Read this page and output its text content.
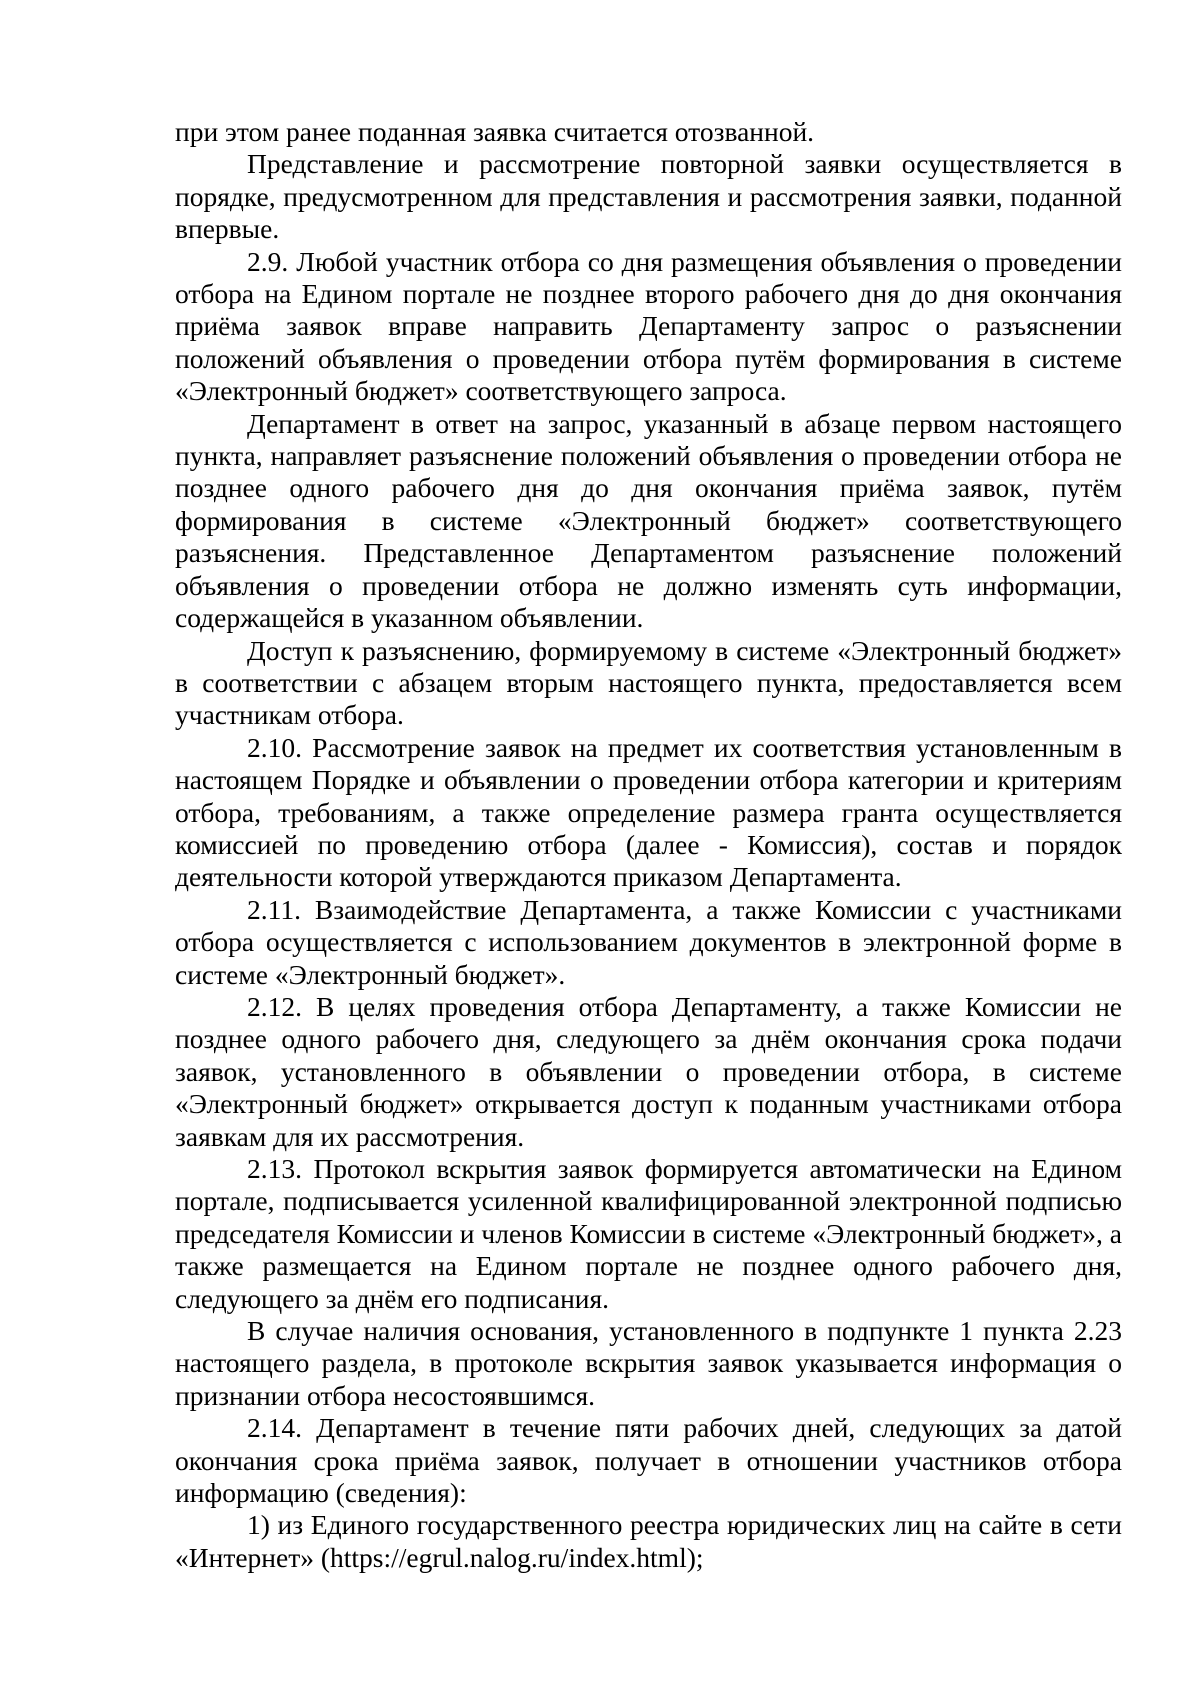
при этом ранее поданная заявка считается отозванной.

Представление и рассмотрение повторной заявки осуществляется в порядке, предусмотренном для представления и рассмотрения заявки, поданной впервые.

2.9. Любой участник отбора со дня размещения объявления о проведении отбора на Едином портале не позднее второго рабочего дня до дня окончания приёма заявок вправе направить Департаменту запрос о разъяснении положений объявления о проведении отбора путём формирования в системе «Электронный бюджет» соответствующего запроса.

Департамент в ответ на запрос, указанный в абзаце первом настоящего пункта, направляет разъяснение положений объявления о проведении отбора не позднее одного рабочего дня до дня окончания приёма заявок, путём формирования в системе «Электронный бюджет» соответствующего разъяснения. Представленное Департаментом разъяснение положений объявления о проведении отбора не должно изменять суть информации, содержащейся в указанном объявлении.

Доступ к разъяснению, формируемому в системе «Электронный бюджет» в соответствии с абзацем вторым настоящего пункта, предоставляется всем участникам отбора.

2.10. Рассмотрение заявок на предмет их соответствия установленным в настоящем Порядке и объявлении о проведении отбора категории и критериям отбора, требованиям, а также определение размера гранта осуществляется комиссией по проведению отбора (далее - Комиссия), состав и порядок деятельности которой утверждаются приказом Департамента.

2.11. Взаимодействие Департамента, а также Комиссии с участниками отбора осуществляется с использованием документов в электронной форме в системе «Электронный бюджет».

2.12. В целях проведения отбора Департаменту, а также Комиссии не позднее одного рабочего дня, следующего за днём окончания срока подачи заявок, установленного в объявлении о проведении отбора, в системе «Электронный бюджет» открывается доступ к поданным участниками отбора заявкам для их рассмотрения.

2.13. Протокол вскрытия заявок формируется автоматически на Едином портале, подписывается усиленной квалифицированной электронной подписью председателя Комиссии и членов Комиссии в системе «Электронный бюджет», а также размещается на Едином портале не позднее одного рабочего дня, следующего за днём его подписания.

В случае наличия основания, установленного в подпункте 1 пункта 2.23 настоящего раздела, в протоколе вскрытия заявок указывается информация о признании отбора несостоявшимся.

2.14. Департамент в течение пяти рабочих дней, следующих за датой окончания срока приёма заявок, получает в отношении участников отбора информацию (сведения):

1) из Единого государственного реестра юридических лиц на сайте в сети «Интернет» (https://egrul.nalog.ru/index.html);
